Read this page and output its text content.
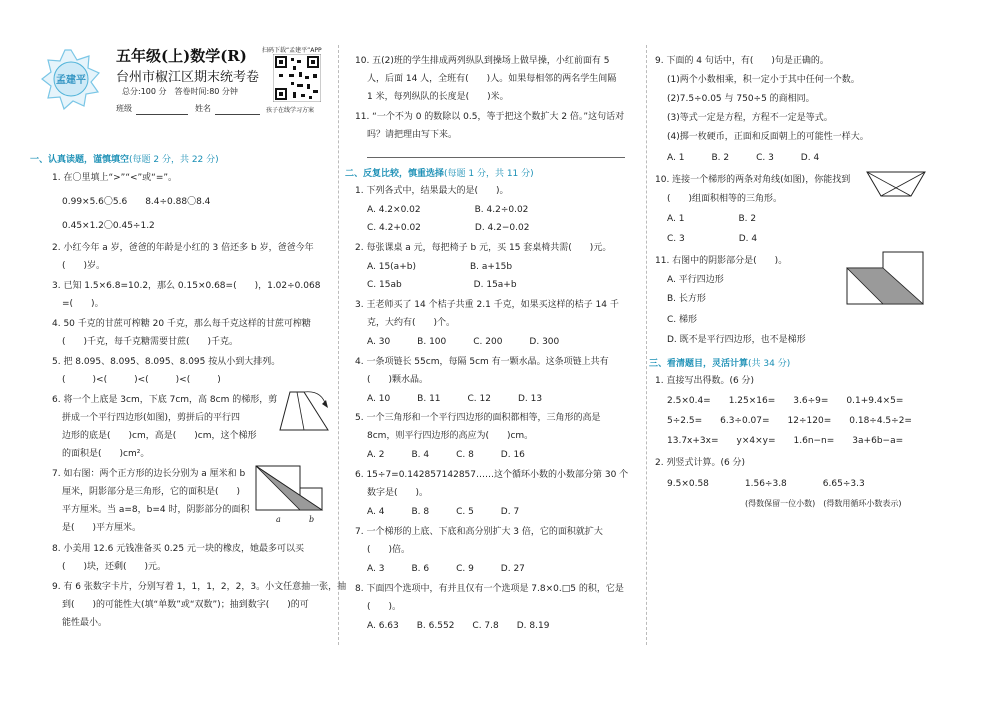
孟建平
五年级(上)数学(R)
台州市椒江区期末统考卷
总分:100 分　答卷时间:80 分钟
班级	姓名
扫码下载“孟建平”APP
孩子在线学习方案
一、认真读题，谨慎填空(每题 2 分，共 22 分)
1. 在〇里填上“>”“<”或“=”。
0.99×5.6〇5.6　　8.4÷0.88〇8.4
0.45×1.2〇0.45÷1.2
2. 小红今年 a 岁，爸爸的年龄是小红的 3 倍还多 b 岁，爸爸今年
(　　)岁。
3. 已知 1.5×6.8=10.2，那么 0.15×0.68=(　　)，1.02÷0.068
=(　　)。
4. 50 千克的甘蔗可榨糖 20 千克，那么每千克这样的甘蔗可榨糖
(　　)千克，每千克糖需要甘蔗(　　)千克。
5. 把 8.095、8.095̇、8.09̇5̇、8.0̇95̇ 按从小到大排列。
(　　　)<(　　　)<(　　　)<(　　　)
6. 将一个上底是 3cm，下底 7cm，高 8cm 的梯形，剪
拼成一个平行四边形(如图)，剪拼后的平行四
边形的底是(　　)cm，高是(　　)cm，这个梯形
的面积是(　　)cm²。
7. 如右图：两个正方形的边长分别为 a 厘米和 b
厘米，阴影部分是三角形，它的面积是(　　)
平方厘米。当 a=8，b=4 时，阴影部分的面积
是(　　)平方厘米。
a	b
8. 小美用 12.6 元钱准备买 0.25 元一块的橡皮，她最多可以买
(　　)块，还剩(　　)元。
9. 有 6 张数字卡片，分别写着 1，1，1，2，2，3。小文任意抽一张，抽
到(　　)的可能性大(填“单数”或“双数”)；抽到数字(　　)的可
能性最小。
10. 五(2)班的学生排成两列纵队到操场上做早操，小红前面有 5
人，后面 14 人，全班有(　　)人。如果每相邻的两名学生间隔
1 米，每列纵队的长度是(　　)米。
11. “一个不为 0 的数除以 0.5，等于把这个数扩大 2 倍。”这句话对
吗？请把理由写下来。
二、反复比较，慎重选择(每题 1 分，共 11 分)
1. 下列各式中，结果最大的是(　　)。
A. 4.2×0.02　　　　　　B. 4.2÷0.02
C. 4.2+0.02　　　　　　D. 4.2−0.02
2. 每张课桌 a 元，每把椅子 b 元，买 15 套桌椅共需(　　)元。
A. 15(a+b)　　　　　　B. a+15b
C. 15ab　　　　　　　　D. 15a+b
3. 王老师买了 14 个桔子共重 2.1 千克，如果买这样的桔子 14 千
克，大约有(　　)个。
A. 30　　　B. 100　　　C. 200　　　D. 300
4. 一条项链长 55cm，每隔 5cm 有一颗水晶。这条项链上共有
(　　)颗水晶。
A. 10　　　B. 11　　　C. 12　　　D. 13
5. 一个三角形和一个平行四边形的面积都相等，三角形的高是
8cm，则平行四边形的高应为(　　)cm。
A. 2　　　B. 4　　　C. 8　　　D. 16
6. 15÷7=0.142857142857……这个循环小数的小数部分第 30 个
数字是(　　)。
A. 4　　　B. 8　　　C. 5　　　D. 7
7. 一个梯形的上底、下底和高分别扩大 3 倍，它的面积就扩大
(　　)倍。
A. 3　　　B. 6　　　C. 9　　　D. 27
8. 下面四个选项中，有并且仅有一个选项是 7.8×0.□5 的积，它是
(　　)。
A. 6.63　　B. 6.552　　C. 7.8　　D. 8.19
9. 下面的 4 句话中，有(　　)句是正确的。
(1)两个小数相乘，积一定小于其中任何一个数。
(2)7.5÷0.05 与 750÷5 的商相同。
(3)等式一定是方程，方程不一定是等式。
(4)掷一枚硬币，正面和反面朝上的可能性一样大。
A. 1　　　B. 2　　　C. 3　　　D. 4
10. 连接一个梯形的两条对角线(如图)，你能找到
(　　)组面积相等的三角形。
A. 1　　　　　　B. 2
C. 3　　　　　　D. 4
11. 右图中的阴影部分是(　　)。
A. 平行四边形
B. 长方形
C. 梯形
D. 既不是平行四边形，也不是梯形
三、看清题目，灵活计算(共 34 分)
1. 直接写出得数。(6 分)
2.5×0.4=　　1.25×16=　　3.6÷9=　　0.1+9.4×5=
5÷2.5=　　6.3÷0.07=　　12÷120=　　0.18÷4.5÷2=
13.7x+3x=　　y×4×y=　　1.6n−n=　　3a+6b−a=
2. 列竖式计算。(6 分)
9.5×0.58　　　　1.56÷3.8　　　　6.65÷3.3
(得数保留一位小数)　(得数用循环小数表示)
